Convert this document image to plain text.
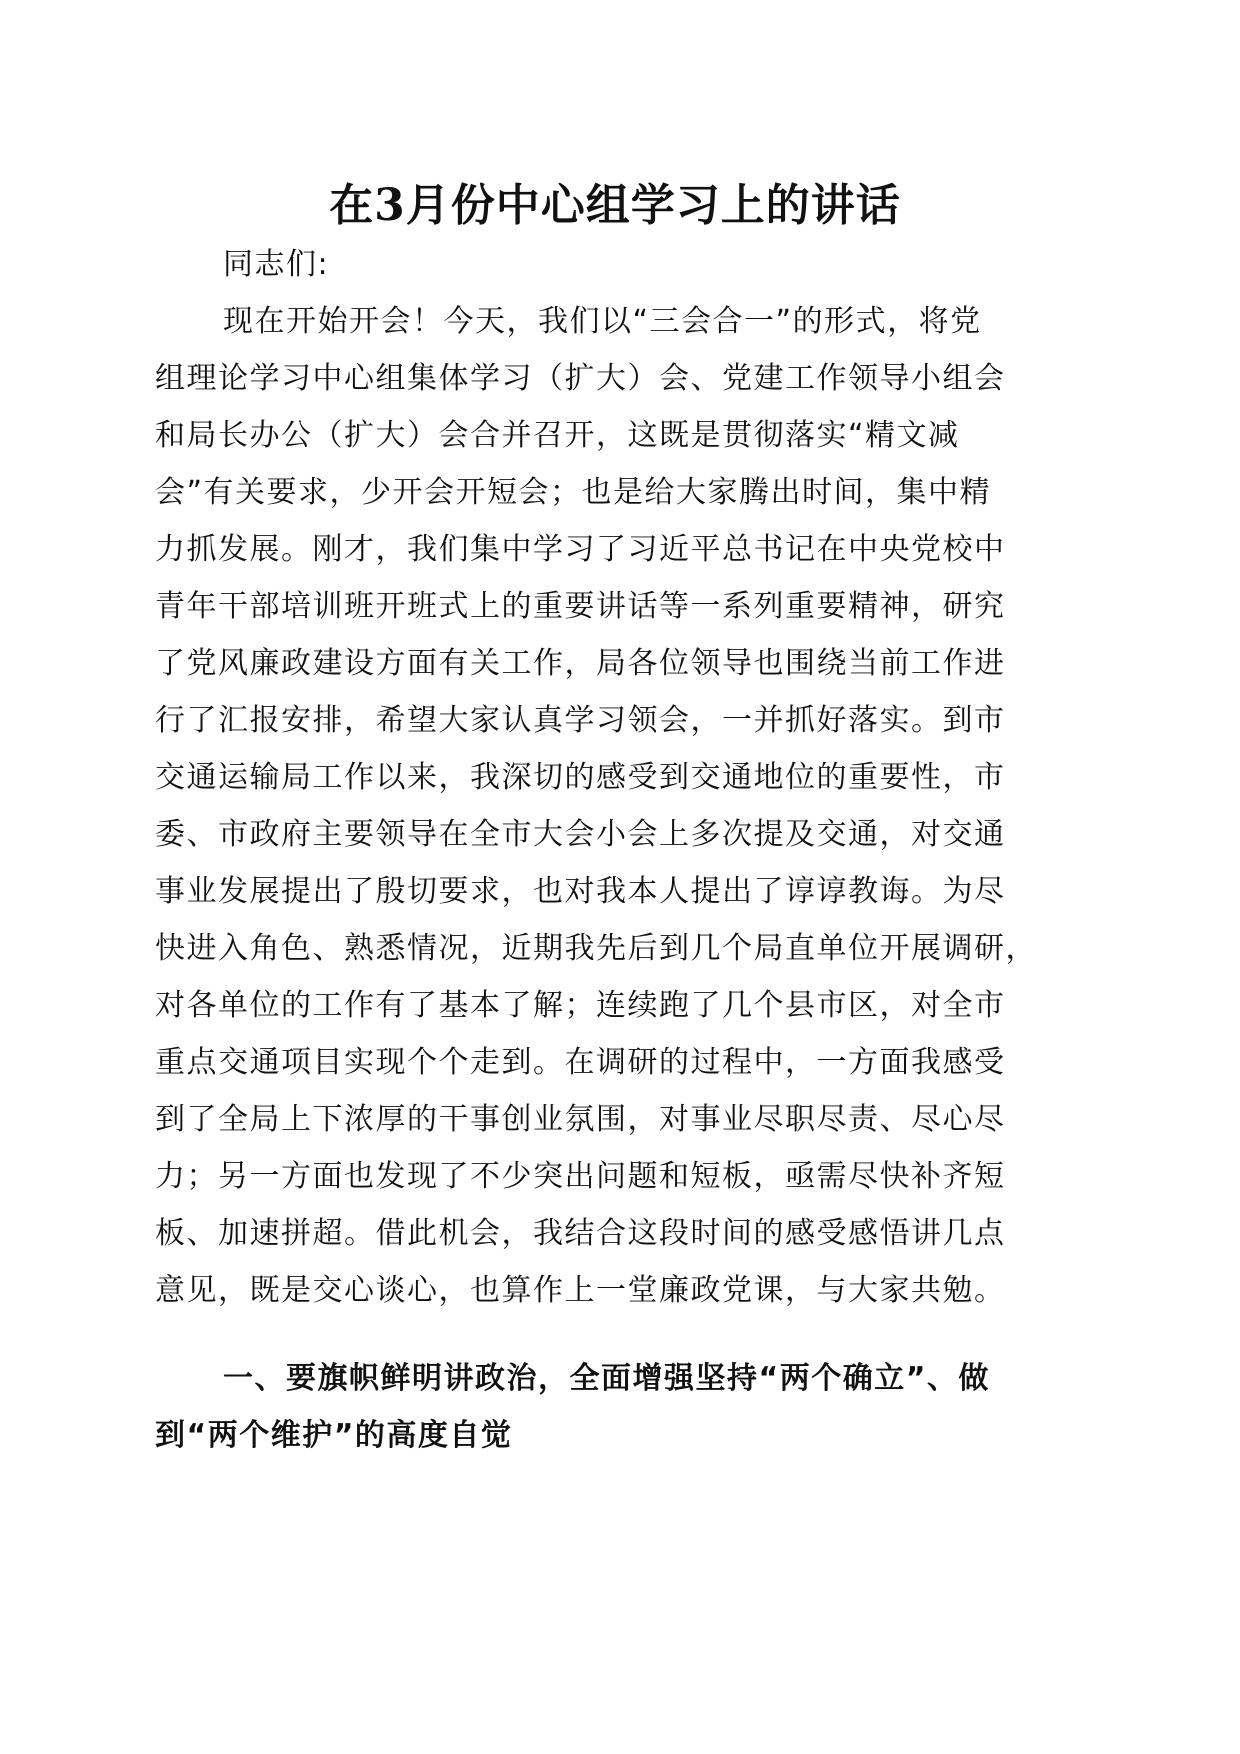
在3月份中心组学习上的讲话

同志们:

现在开始开会！今天，我们以“三会合一”的形式，将党
组理论学习中心组集体学习（扩大）会、党建工作领导小组会
和局长办公（扩大）会合并召开，这既是贯彻落实“精文减
会”有关要求，少开会开短会；也是给大家腾出时间，集中精
力抓发展。刚才，我们集中学习了习近平总书记在中央党校中
青年干部培训班开班式上的重要讲话等一系列重要精神，研究
了党风廉政建设方面有关工作，局各位领导也围绕当前工作进
行了汇报安排，希望大家认真学习领会，一并抓好落实。到市
交通运输局工作以来，我深切的感受到交通地位的重要性，市
委、市政府主要领导在全市大会小会上多次提及交通，对交通
事业发展提出了殷切要求，也对我本人提出了谆谆教诲。为尽
快进入角色、熟悉情况，近期我先后到几个局直单位开展调研，
对各单位的工作有了基本了解；连续跑了几个县市区，对全市
重点交通项目实现个个走到。在调研的过程中，一方面我感受
到了全局上下浓厚的干事创业氛围，对事业尽职尽责、尽心尽
力；另一方面也发现了不少突出问题和短板，亟需尽快补齐短
板、加速拼超。借此机会，我结合这段时间的感受感悟讲几点
意见，既是交心谈心，也算作上一堂廉政党课，与大家共勉。
一、要旗帜鲜明讲政治，全面增强坚持“两个确立”、做
到“两个维护”的高度自觉
